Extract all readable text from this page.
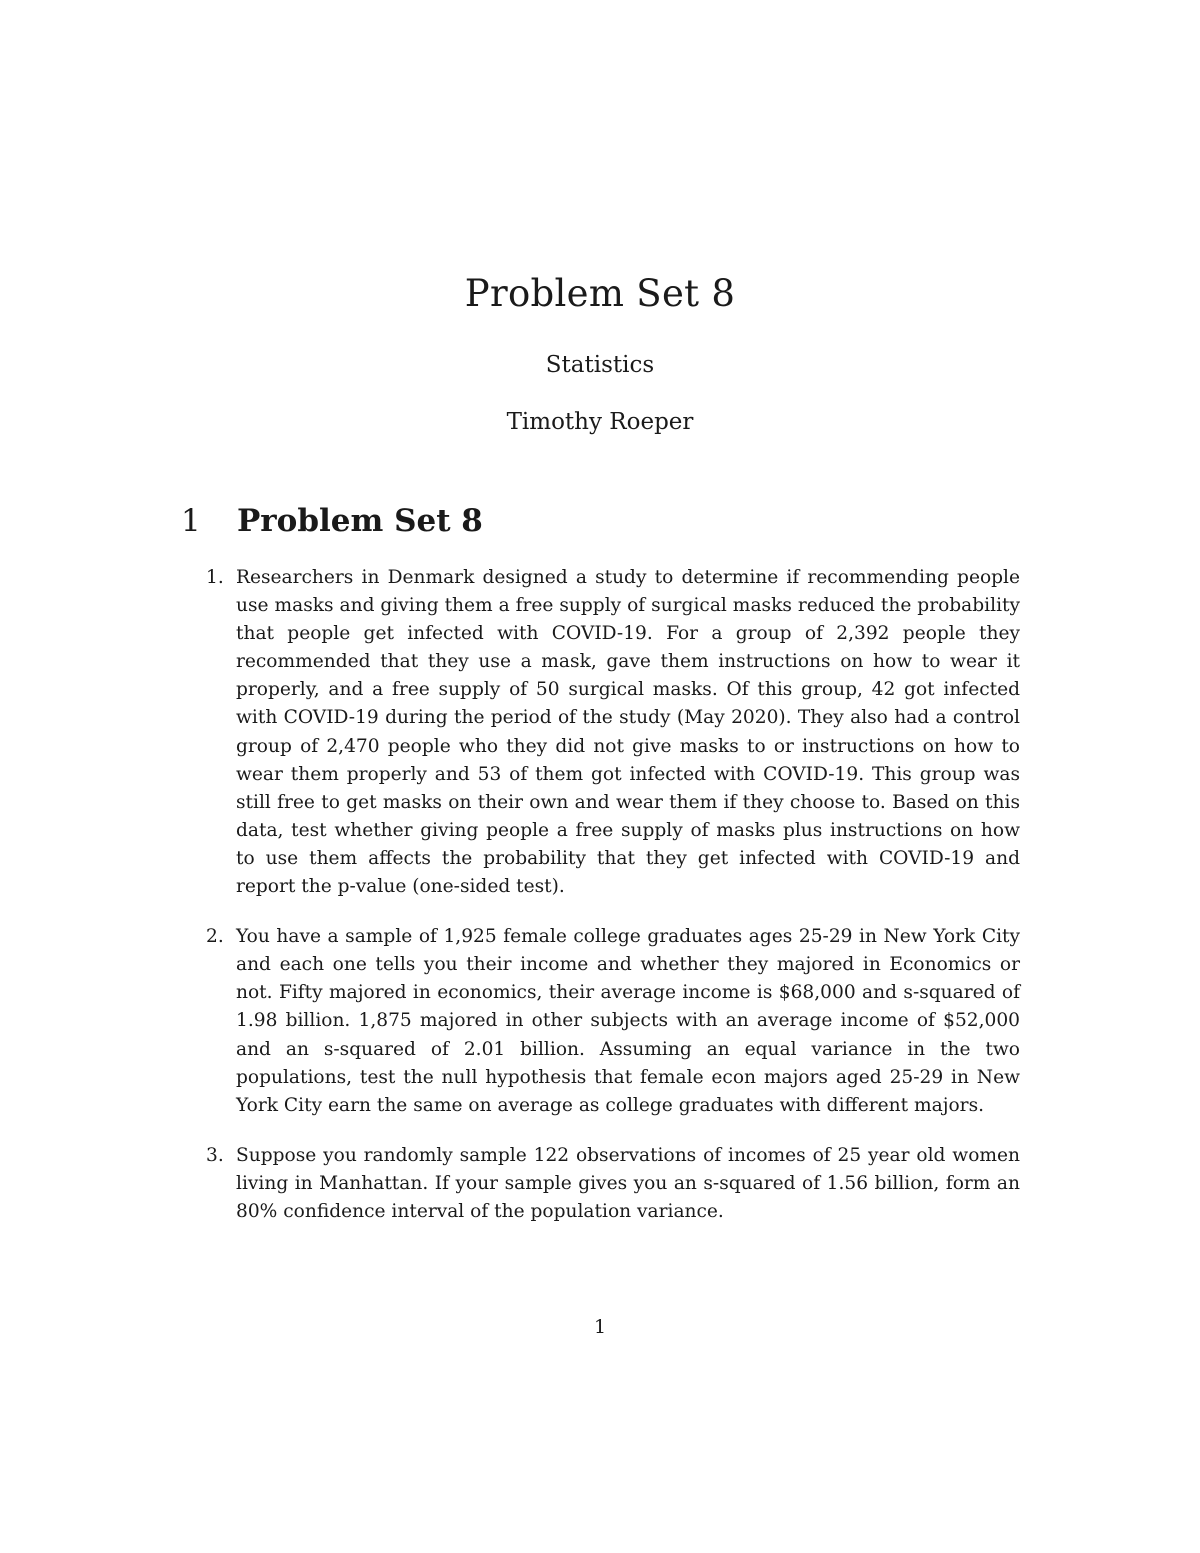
Problem Set 8

Statistics

Timothy Roeper

1 Problem Set 8
1. Researchers in Denmark designed a study to determine if recommending people use masks and giving them a free supply of surgical masks reduced the probability that people get infected with COVID-19. For a group of 2,392 people they recommended that they use a mask, gave them instructions on how to wear it properly, and a free supply of 50 surgical masks. Of this group, 42 got infected with COVID-19 during the period of the study (May 2020). They also had a control group of 2,470 people who they did not give masks to or instructions on how to wear them properly and 53 of them got infected with COVID-19. This group was still free to get masks on their own and wear them if they choose to. Based on this data, test whether giving people a free supply of masks plus instructions on how to use them affects the probability that they get infected with COVID-19 and report the p-value (one-sided test).
2. You have a sample of 1,925 female college graduates ages 25-29 in New York City and each one tells you their income and whether they majored in Economics or not. Fifty majored in economics, their average income is $68,000 and s-squared of 1.98 billion. 1,875 majored in other subjects with an average income of $52,000 and an s-squared of 2.01 billion. Assuming an equal variance in the two populations, test the null hypothesis that female econ majors aged 25-29 in New York City earn the same on average as college graduates with different majors.
3. Suppose you randomly sample 122 observations of incomes of 25 year old women living in Manhattan. If your sample gives you an s-squared of 1.56 billion, form an 80% confidence interval of the population variance.

1
